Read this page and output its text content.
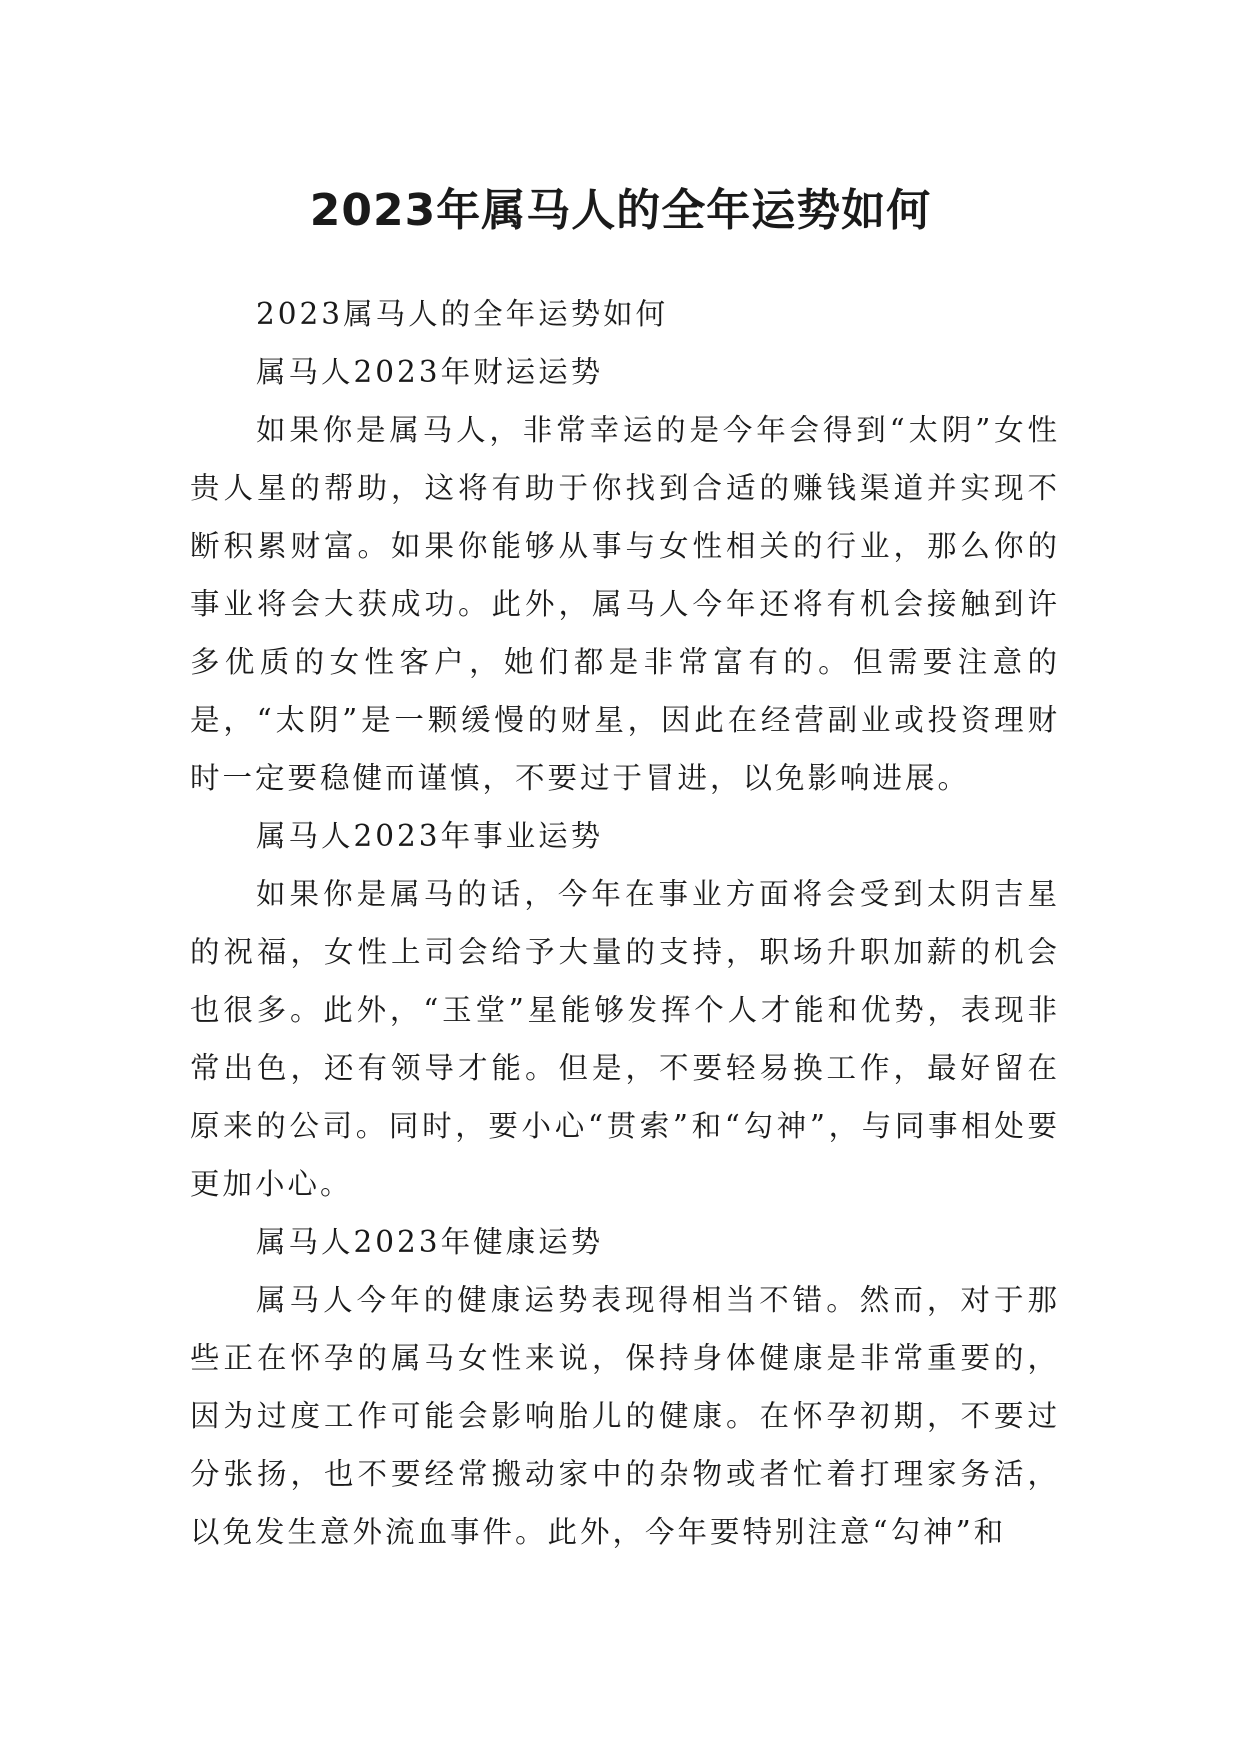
2023年属马人的全年运势如何

2023属马人的全年运势如何

属马人2023年财运运势

如果你是属马人，非常幸运的是今年会得到“太阴”女性贵人星的帮助，这将有助于你找到合适的赚钱渠道并实现不断积累财富。如果你能够从事与女性相关的行业，那么你的事业将会大获成功。此外，属马人今年还将有机会接触到许多优质的女性客户，她们都是非常富有的。但需要注意的是，“太阴”是一颗缓慢的财星，因此在经营副业或投资理财时一定要稳健而谨慎，不要过于冒进，以免影响进展。

属马人2023年事业运势

如果你是属马的话，今年在事业方面将会受到太阴吉星的祝福，女性上司会给予大量的支持，职场升职加薪的机会也很多。此外，“玉堂”星能够发挥个人才能和优势，表现非常出色，还有领导才能。但是，不要轻易换工作，最好留在原来的公司。同时，要小心“贯索”和“勾神”，与同事相处要更加小心。

属马人2023年健康运势

属马人今年的健康运势表现得相当不错。然而，对于那些正在怀孕的属马女性来说，保持身体健康是非常重要的，因为过度工作可能会影响胎儿的健康。在怀孕初期，不要过分张扬，也不要经常搬动家中的杂物或者忙着打理家务活，以免发生意外流血事件。此外，今年要特别注意“勾神”和
